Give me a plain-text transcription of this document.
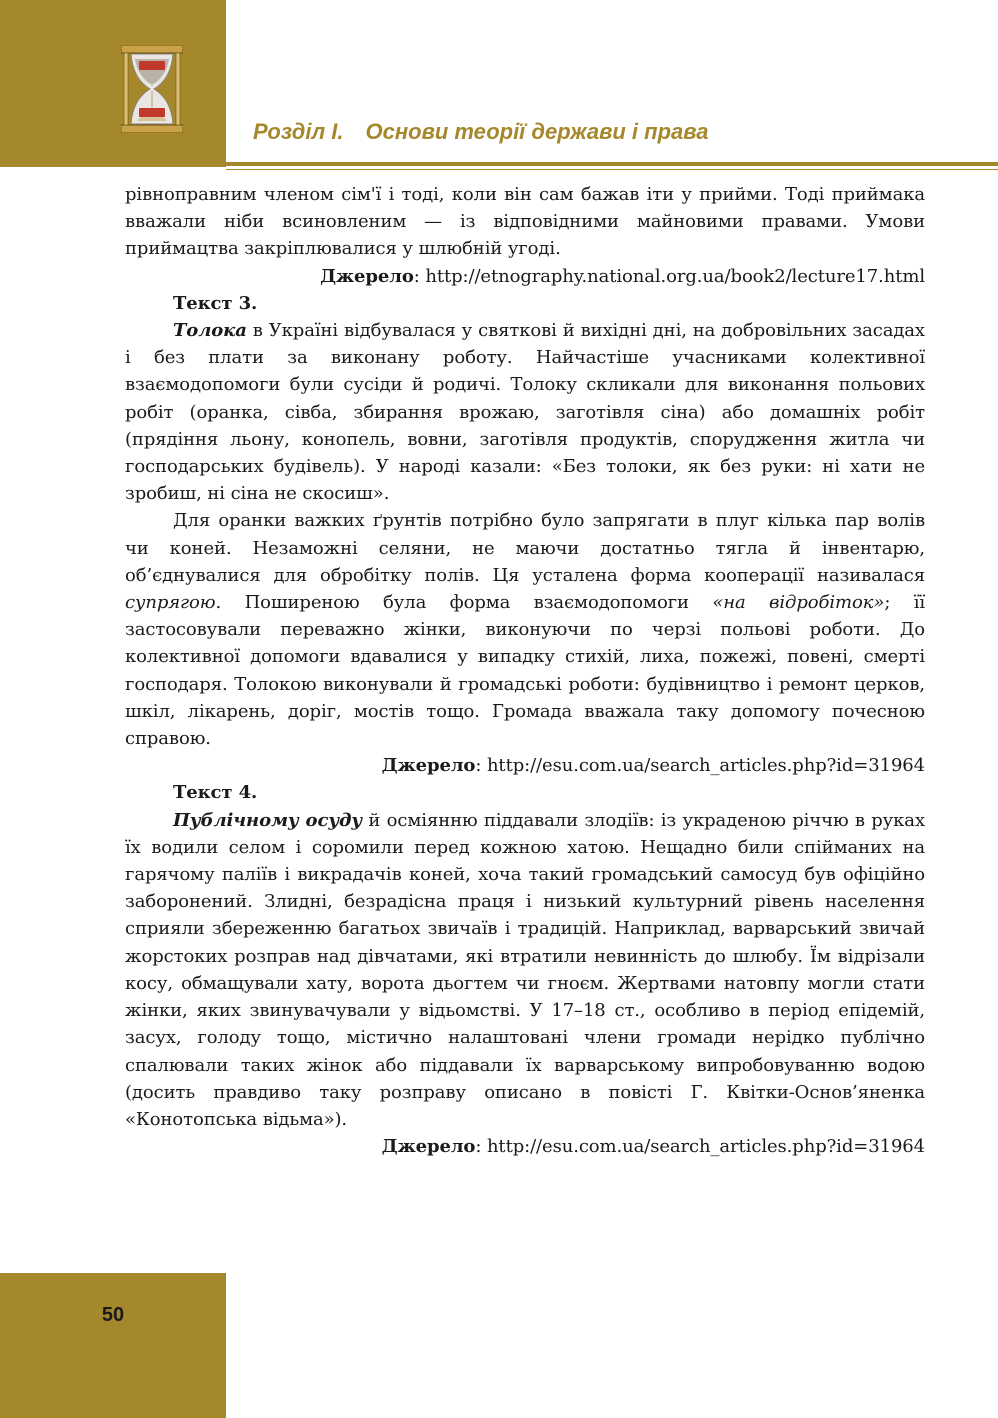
Розділ І. Основи теорії держави і права

рівноправним членом сім'ї і тоді, коли він сам бажав іти у прийми. Тоді приймака вважали ніби всиновленим — із відповідними майновими правами. Умови приймацтва закріплювалися у шлюбній угоді.

Джерело: http://etnography.national.org.ua/book2/lecture17.html

Текст 3.

Толока в Україні відбувалася у святкові й вихідні дні, на добровільних засадах і без плати за виконану роботу. Найчастіше учасниками колективної взаємодопомоги були сусіди й родичі. Толоку скликали для виконання польових робіт (оранка, сівба, збирання врожаю, заготівля сіна) або домашніх робіт (прядіння льону, конопель, вовни, заготівля продуктів, спорудження житла чи господарських будівель). У народі казали: «Без толоки, як без руки: ні хати не зробиш, ні сіна не скосиш».

Для оранки важких ґрунтів потрібно було запрягати в плуг кілька пар волів чи коней. Незаможні селяни, не маючи достатньо тягла й інвентарю, об’єднувалися для обробітку полів. Ця усталена форма кооперації називалася супрягою. Поширеною була форма взаємодопомоги «на відробіток»; її застосовували переважно жінки, виконуючи по черзі польові роботи. До колективної допомоги вдавалися у випадку стихій, лиха, пожежі, повені, смерті господаря. Толокою виконували й громадські роботи: будівництво і ремонт церков, шкіл, лікарень, доріг, мостів тощо. Громада вважала таку допомогу почесною справою.

Джерело: http://esu.com.ua/search_articles.php?id=31964

Текст 4.

Публічному осуду й осміянню піддавали злодіїв: із украденою річчю в руках їх водили селом і соромили перед кожною хатою. Нещадно били спійманих на гарячому паліїв і викрадачів коней, хоча такий громадський самосуд був офіційно заборонений. Злидні, безрадісна праця і низький культурний рівень населення сприяли збереженню багатьох звичаїв і традицій. Наприклад, варварський звичай жорстоких розправ над дівчатами, які втратили невинність до шлюбу. Їм відрізали косу, обмащували хату, ворота дьогтем чи гноєм. Жертвами натовпу могли стати жінки, яких звинувачували у відьомстві. У 17–18 ст., особливо в період епідемій, засух, голоду тощо, містично налаштовані члени громади нерідко публічно спалювали таких жінок або піддавали їх варварському випробовуванню водою (досить правдиво таку розправу описано в повісті Г. Квітки-Основ’яненка «Конотопська відьма»).

Джерело: http://esu.com.ua/search_articles.php?id=31964

50
